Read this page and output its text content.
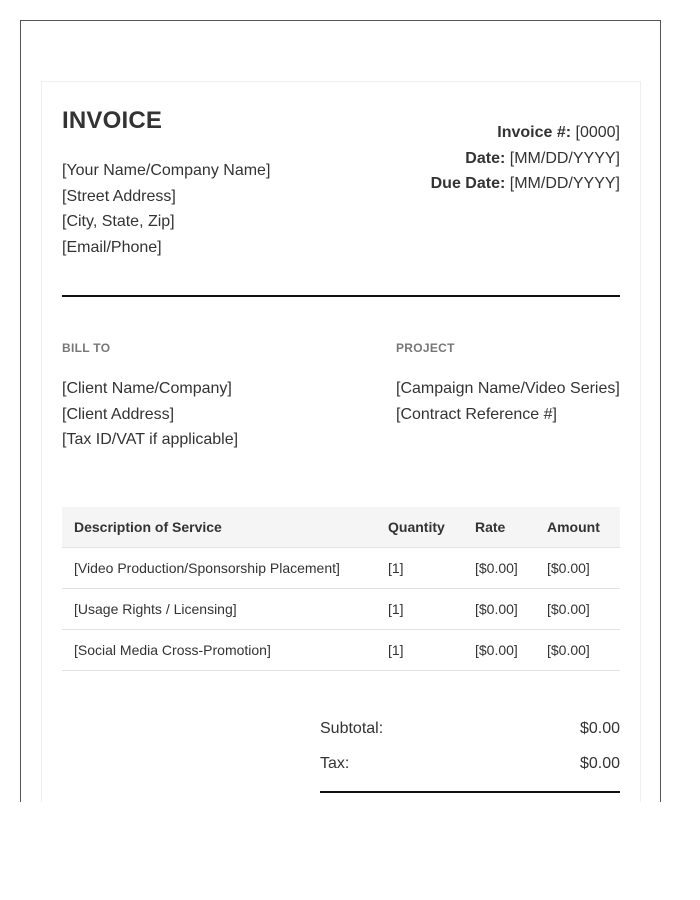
INVOICE
[Your Name/Company Name]
[Street Address]
[City, State, Zip]
[Email/Phone]
Invoice #: [0000]
Date: [MM/DD/YYYY]
Due Date: [MM/DD/YYYY]
BILL TO	PROJECT
[Client Name/Company]
[Client Address]
[Tax ID/VAT if applicable]
[Campaign Name/Video Series]
[Contract Reference #]
Description of Service	Quantity	Rate	Amount
[Video Production/Sponsorship Placement]	[1]	[$0.00]	[$0.00]
[Usage Rights / Licensing]	[1]	[$0.00]	[$0.00]
[Social Media Cross-Promotion]	[1]	[$0.00]	[$0.00]
Subtotal:	$0.00
Tax:	$0.00
